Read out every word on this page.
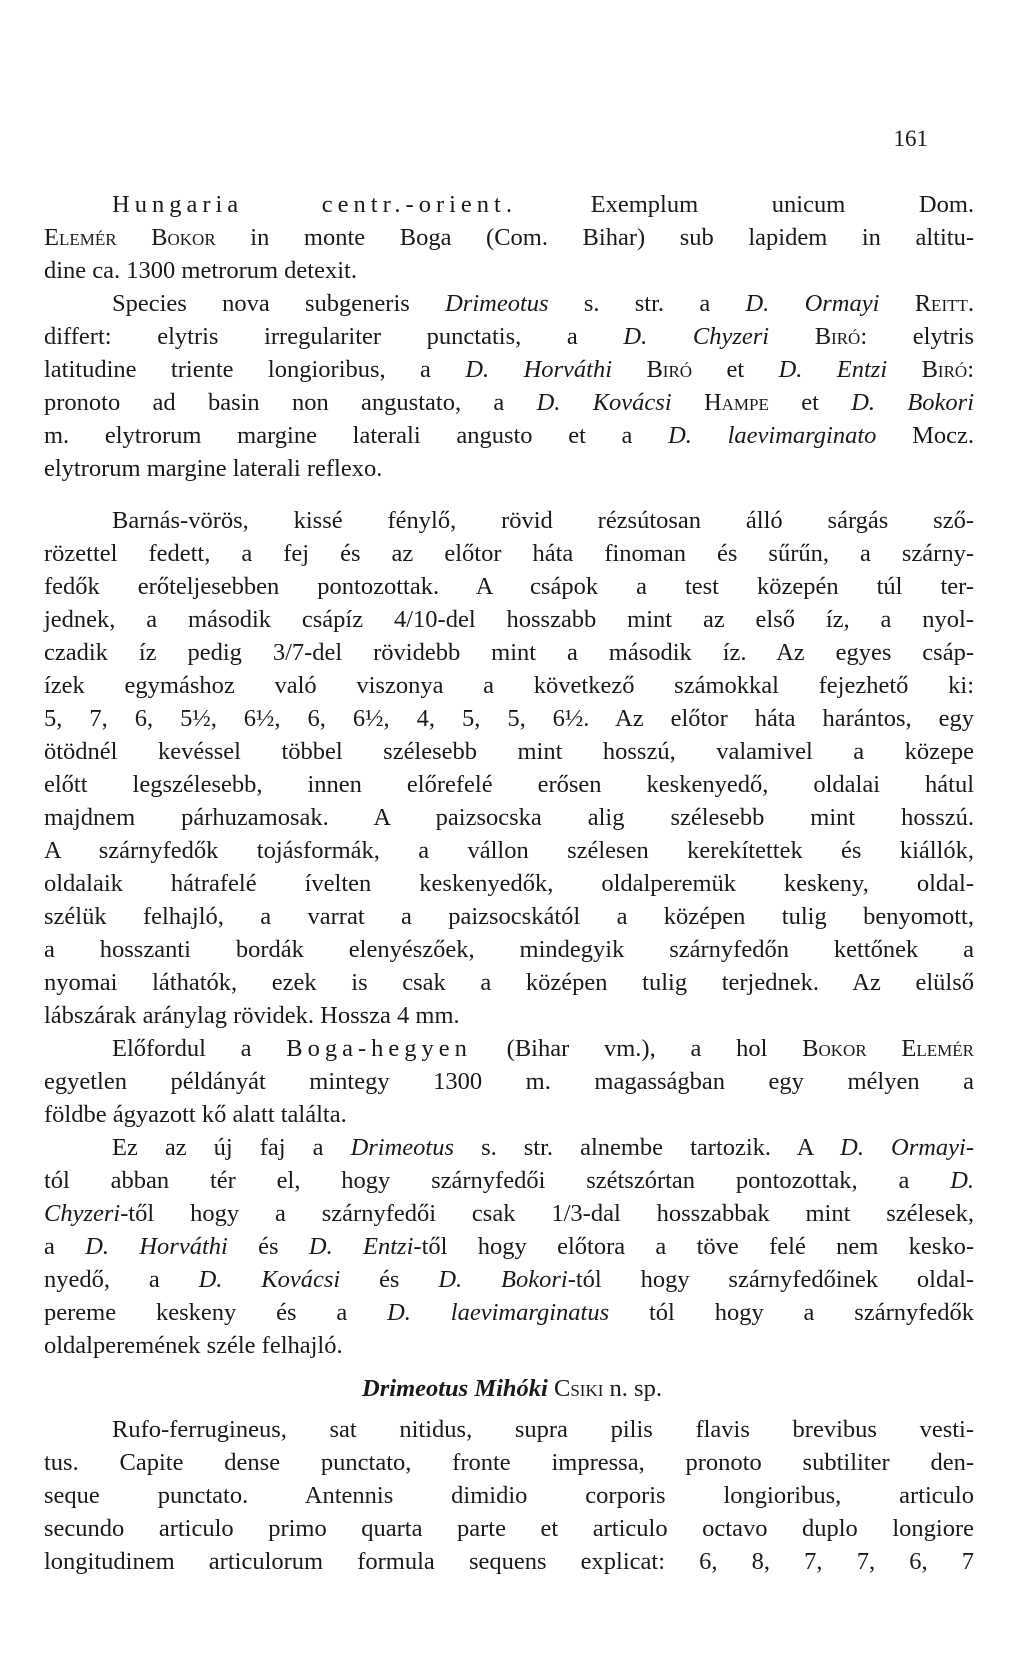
161
Hungaria centr.-orient.	Exemplum unicum Dom.
Elemér Bokor in monte Boga (Com. Bihar) sub lapidem in altitu-
dine ca. 1300 metrorum detexit.
Species nova subgeneris Drimeotus s. str. a D. Ormayi Reitt.
differt: elytris irregulariter punctatis, a D. Chyzeri Biró: elytris
latitudine triente longioribus, a D. Horváthi Biró et D. Entzi Biró:
pronoto ad basin non angustato, a D. Kovácsi Hampe et D. Bokori
m. elytrorum margine laterali angusto et a D. laevimarginato Mocz.
elytrorum margine laterali reflexo.
Barnás-vörös, kissé fénylő, rövid rézsútosan álló sárgás sző-
rözettel fedett, a fej és az előtor háta finoman és sűrűn, a szárny-
fedők erőteljesebben pontozottak. A csápok a test közepén túl ter-
jednek, a második csápíz 4/10-del hosszabb mint az első íz, a nyol-
czadik íz pedig 3/7-del rövidebb mint a második íz. Az egyes csáp-
ízek egymáshoz való viszonya a következő számokkal fejezhető ki:
5, 7, 6, 5½, 6½, 6, 6½, 4, 5, 5, 6½. Az előtor háta harántos, egy
ötödnél kevéssel többel szélesebb mint hosszú, valamivel a közepe
előtt legszélesebb, innen előrefelé erősen keskenyedő, oldalai hátul
majdnem párhuzamosak. A paizsocska alig szélesebb mint hosszú.
A szárnyfedők tojásformák, a vállon szélesen kerekítettek és kiállók,
oldalaik hátrafelé ívelten keskenyedők, oldalperemük keskeny, oldal-
szélük felhajló, a varrat a paizsocskától a középen tulig benyomott,
a hosszanti bordák elenyészőek, mindegyik szárnyfedőn kettőnek a
nyomai láthatók, ezek is csak a középen tulig terjednek. Az elülső
lábszárak aránylag rövidek. Hossza 4 mm.
Előfordul a Boga-hegyen (Bihar vm.), a hol Bokor Elemér
egyetlen példányát mintegy 1300 m. magasságban egy mélyen a
földbe ágyazott kő alatt találta.
Ez az új faj a Drimeotus s. str. alnembe tartozik. A D. Ormayi-
tól abban tér el, hogy szárnyfedői szétszórtan pontozottak, a D.
Chyzeri-től hogy a szárnyfedői csak 1/3-dal hosszabbak mint szélesek,
a D. Horváthi és D. Entzi-től hogy előtora a töve felé nem kesko-
nyedő, a D. Kovácsi és D. Bokori-tól hogy szárnyfedőinek oldal-
pereme keskeny és a D. laevimarginatus tól hogy a szárnyfedők
oldalperemének széle felhajló.
Drimeotus Mihóki Csiki n. sp.
Rufo-ferrugineus, sat nitidus, supra pilis flavis brevibus vesti-
tus. Capite dense punctato, fronte impressa, pronoto subtiliter den-
seque punctato. Antennis dimidio corporis longioribus, articulo
secundo articulo primo quarta parte et articulo octavo duplo longiore
longitudinem articulorum formula sequens explicat: 6, 8, 7, 7, 6, 7
